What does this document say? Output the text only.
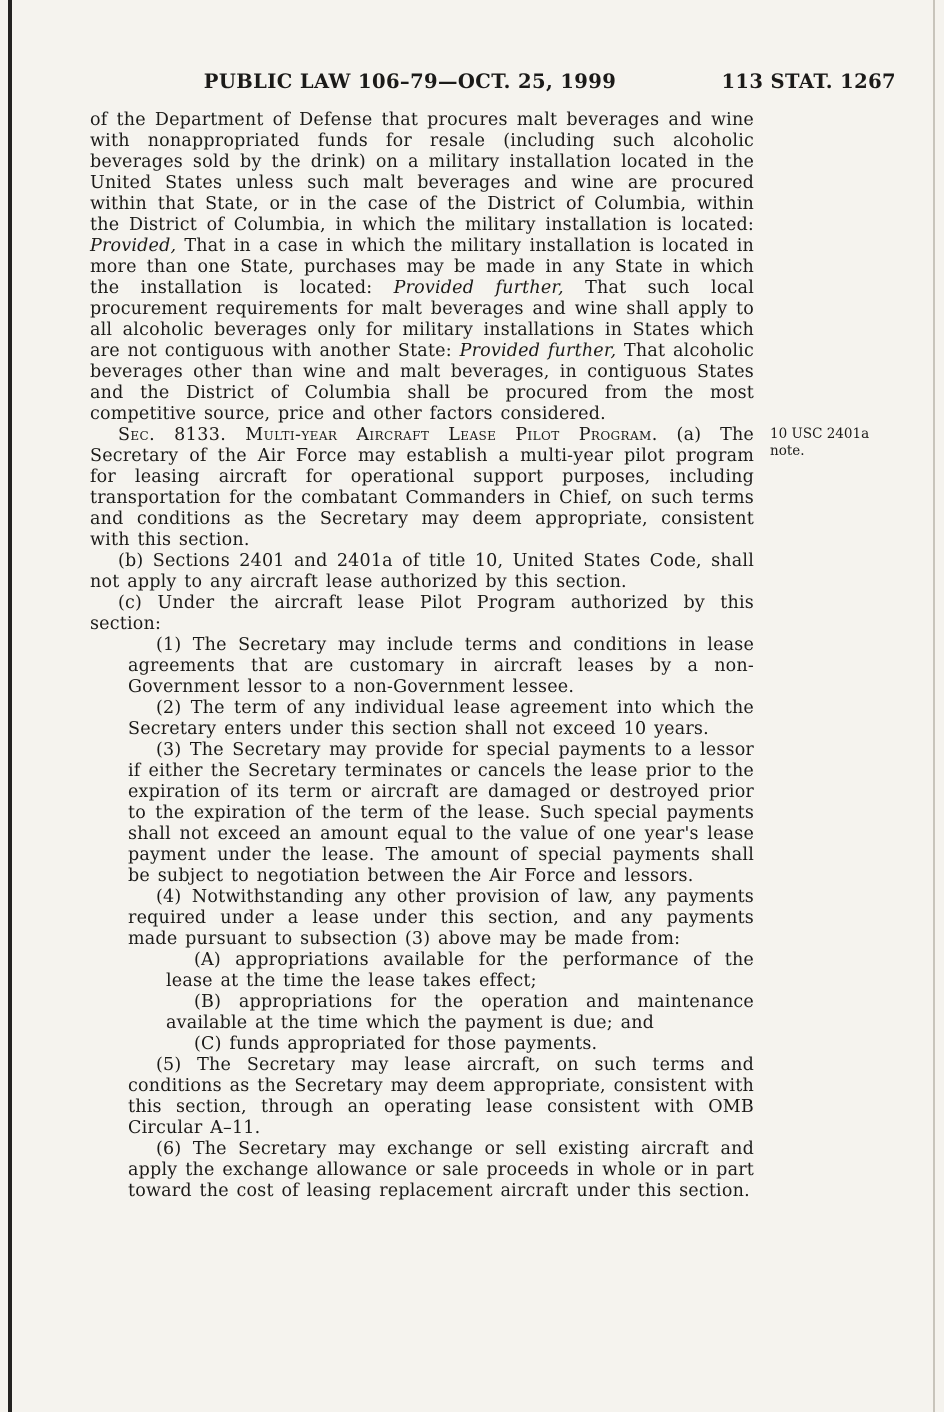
PUBLIC LAW 106–79—OCT. 25, 1999	113 STAT. 1267

of the Department of Defense that procures malt beverages and wine with nonappropriated funds for resale (including such alcoholic beverages sold by the drink) on a military installation located in the United States unless such malt beverages and wine are procured within that State, or in the case of the District of Columbia, within the District of Columbia, in which the military installation is located: Provided, That in a case in which the military installation is located in more than one State, purchases may be made in any State in which the installation is located: Provided further, That such local procurement requirements for malt beverages and wine shall apply to all alcoholic beverages only for military installations in States which are not contiguous with another State: Provided further, That alcoholic beverages other than wine and malt beverages, in contiguous States and the District of Columbia shall be procured from the most competitive source, price and other factors considered.

Sec. 8133. Multi-year Aircraft Lease Pilot Program. (a) The Secretary of the Air Force may establish a multi-year pilot program for leasing aircraft for operational support purposes, including transportation for the combatant Commanders in Chief, on such terms and conditions as the Secretary may deem appropriate, consistent with this section.
10 USC 2401a note.

(b) Sections 2401 and 2401a of title 10, United States Code, shall not apply to any aircraft lease authorized by this section.

(c) Under the aircraft lease Pilot Program authorized by this section:

(1) The Secretary may include terms and conditions in lease agreements that are customary in aircraft leases by a non-Government lessor to a non-Government lessee.

(2) The term of any individual lease agreement into which the Secretary enters under this section shall not exceed 10 years.

(3) The Secretary may provide for special payments to a lessor if either the Secretary terminates or cancels the lease prior to the expiration of its term or aircraft are damaged or destroyed prior to the expiration of the term of the lease. Such special payments shall not exceed an amount equal to the value of one year's lease payment under the lease. The amount of special payments shall be subject to negotiation between the Air Force and lessors.

(4) Notwithstanding any other provision of law, any payments required under a lease under this section, and any payments made pursuant to subsection (3) above may be made from:

(A) appropriations available for the performance of the lease at the time the lease takes effect;

(B) appropriations for the operation and maintenance available at the time which the payment is due; and

(C) funds appropriated for those payments.

(5) The Secretary may lease aircraft, on such terms and conditions as the Secretary may deem appropriate, consistent with this section, through an operating lease consistent with OMB Circular A–11.

(6) The Secretary may exchange or sell existing aircraft and apply the exchange allowance or sale proceeds in whole or in part toward the cost of leasing replacement aircraft under this section.
